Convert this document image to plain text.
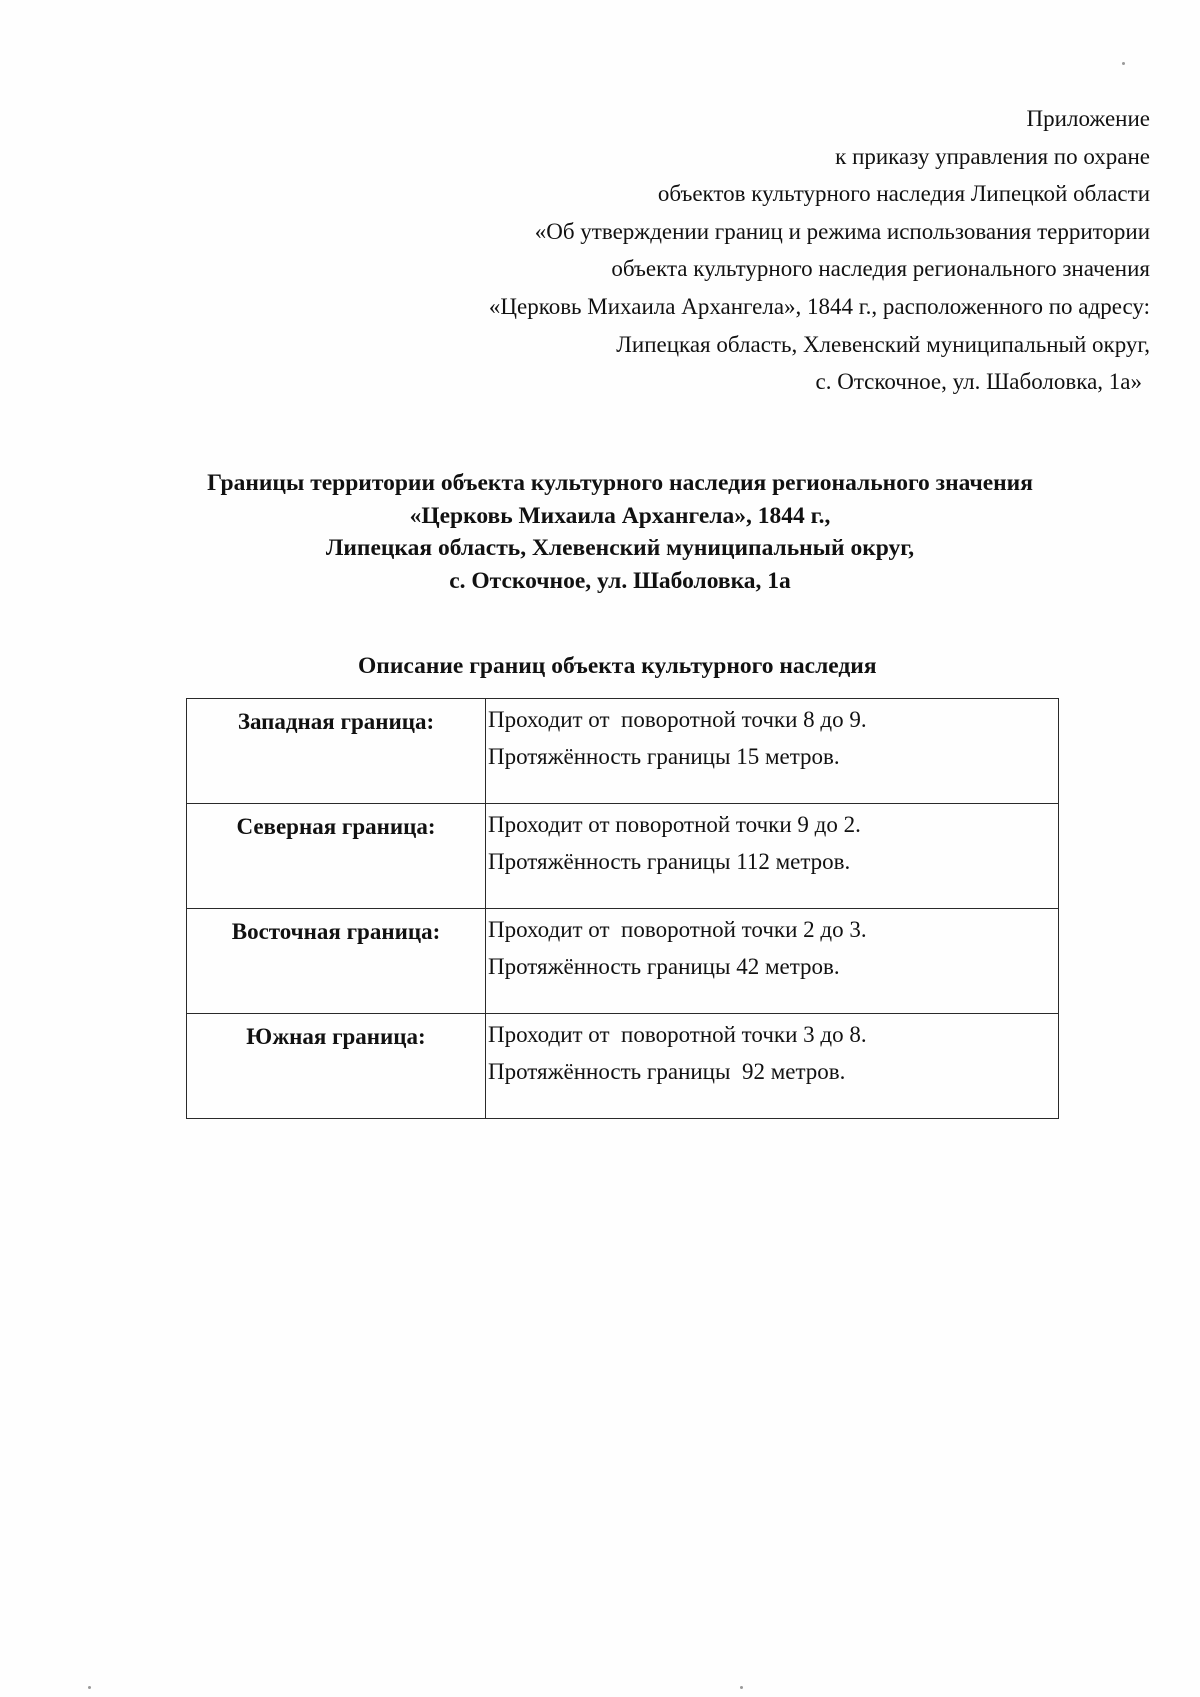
Приложение
к приказу управления по охране
объектов культурного наследия Липецкой области
«Об утверждении границ и режима использования территории
объекта культурного наследия регионального значения
«Церковь Михаила Архангела», 1844 г., расположенного по адресу:
Липецкая область, Хлевенский муниципальный округ,
с. Отскочное, ул. Шаболовка, 1а»
Границы территории объекта культурного наследия регионального значения
«Церковь Михаила Архангела», 1844 г.,
Липецкая область, Хлевенский муниципальный округ,
с. Отскочное, ул. Шаболовка, 1а
Описание границ объекта культурного наследия
Западная граница:	Проходит от  поворотной точки 8 до 9.
Протяжённость границы 15 метров.

Северная граница:	Проходит от поворотной точки 9 до 2.
Протяжённость границы 112 метров.

Восточная граница:	Проходит от  поворотной точки 2 до 3.
Протяжённость границы 42 метров.

Южная граница:	Проходит от  поворотной точки 3 до 8.
Протяжённость границы  92 метров.
